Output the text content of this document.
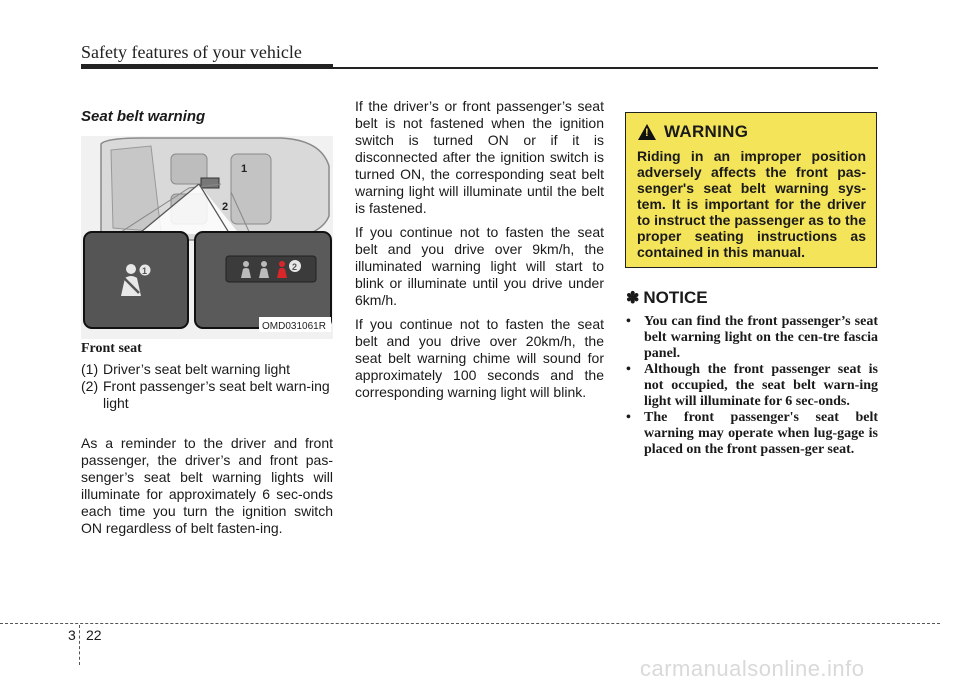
Safety features of your vehicle
Seat belt warning
1
2
1	2
OMD031061R
Front seat
(1) Driver’s seat belt warning light
(2) Front passenger’s seat belt warn-ing light

As a reminder to the driver and front passenger, the driver’s and front pas-senger’s seat belt warning lights will illuminate for approximately 6 sec-onds each time you turn the ignition switch ON regardless of belt fasten-ing.

If the driver’s or front passenger’s seat belt is not fastened when the ignition switch is turned ON or if it is disconnected after the ignition switch is turned ON, the corresponding seat belt warning light will illuminate until the belt is fastened.

If you continue not to fasten the seat belt and you drive over 9km/h, the illuminated warning light will start to blink or illuminate until you drive under 6km/h.

If you continue not to fasten the seat belt and you drive over 20km/h, the seat belt warning chime will sound for approximately 100 seconds and the corresponding warning light will blink.

! WARNING
Riding in an improper position adversely affects the front pas-senger's seat belt warning sys-tem. It is important for the driver to instruct the passenger as to the proper seating instructions as contained in this manual.
✽ NOTICE
• You can find the front passenger’s seat belt warning light on the cen-tre fascia panel.
• Although the front passenger seat is not occupied, the seat belt warn-ing light will illuminate for 6 sec-onds.
• The front passenger's seat belt warning may operate when lug-gage is placed on the front passen-ger seat.
3 22
carmanualsonline.info
